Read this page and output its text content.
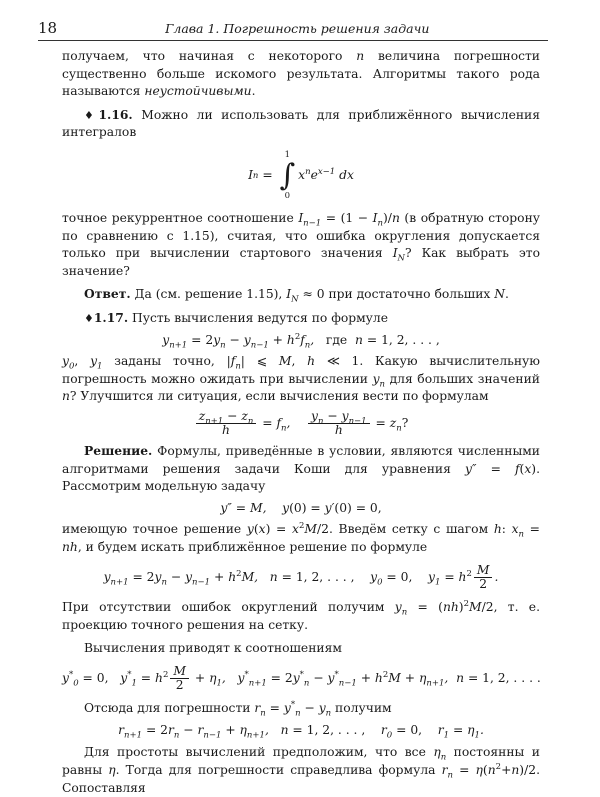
18	Глава 1. Погрешность решения задачи

получаем, что начиная с некоторого n величина погрешности существенно больше искомого результата. Алгоритмы такого рода называются неустойчивыми.

♦1.16. Можно ли использовать для приближённого вычисления интегралов

I n =
1
∫
0
$x^ne^{x-1}$ dx

точное рекуррентное соотношение $I_{n-1} = (1 - I_n)/n$ (в обратную сторону по сравнению с 1.15), считая, что ошибка округления допускается только при вычислении стартового значения $I_N$? Как выбрать это значение?

Ответ. Да (см. решение 1.15), $I_N \approx 0$ при достаточно больших N.

♦1.17. Пусть вычисления ведутся по формуле

$y_{n+1} = 2y_n - y_{n-1} + h^2f_n$,   где  n = 1, 2, . . . ,

$y_0$, $y_1$ заданы точно, $|f_n|$ ⩽ M, h ≪ 1. Какую вычислительную погрешность можно ожидать при вычислении $y_n$ для больших значений n? Улучшится ли ситуация, если вычисления вести по формулам

$\frac{z_{n+1} - z_n}{h} = f_n$, $\frac{y_n - y_{n-1}}{h} = z_n$?

Решение. Формулы, приведённые в условии, являются численными алгоритмами решения задачи Коши для уравнения y″ = f(x). Рассмотрим модельную задачу

y″ = M,    y(0) = y′(0) = 0,

имеющую точное решение $y(x) = x^2M/2$. Введём сетку с шагом h: $x_n$ = nh, и будем искать приближённое решение по формуле

$y_{n+1} = 2y_n - y_{n-1} + h^2M$,   n = 1, 2, . . . ,    $y_0 = 0$,    $y_1 = h^2 \frac{M}{2}$ .

При отсутствии ошибок округлений получим $y_n = (nh)^2M/2$, т. е. проекцию точного решения на сетку.

Вычисления приводят к соотношениям

$y^*_0 = 0$,   $y^*_1 = h^2 \frac{M}{2} + \eta_1$,   $y^*_{n+1} = 2y^*_n - y^*_{n-1} + h^2M + \eta_{n+1}$,  n = 1, 2, . . . .

Отсюда для погрешности $r_n = y^*_n - y_n$ получим

$r_{n+1} = 2r_n - r_{n-1} + \eta_{n+1}$,   n = 1, 2, . . . ,    $r_0 = 0$,    $r_1 = \eta_1$.

Для простоты вычислений предположим, что все $\eta_n$ постоянны и равны η. Тогда для погрешности справедлива формула $r_n = \eta(n^2+n)/2$. Сопоставляя
